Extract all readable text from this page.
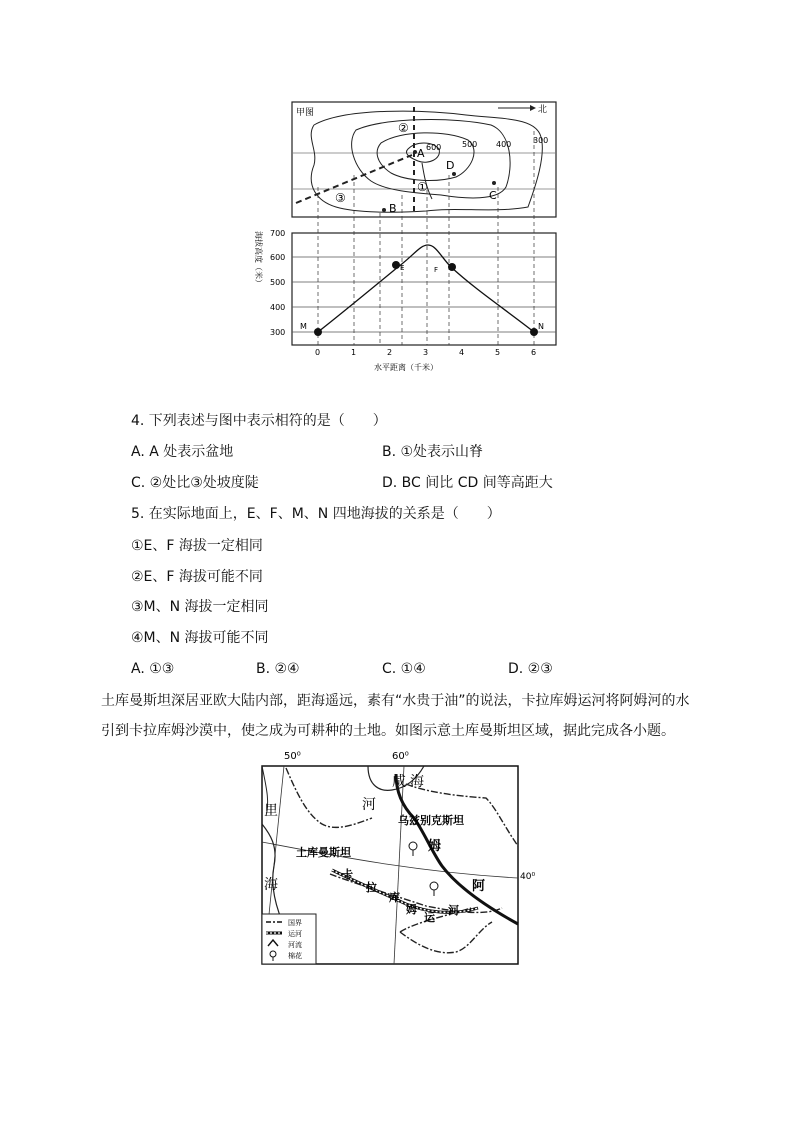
甲图	北
600	500 400	300
A
B
C
D
①
②
③
M	N
E	F
700
600
500
400
300
0	1	2	3	4	5	6
水平距离（千米）
海拔高度（米）
4. 下列表述与图中表示相符的是（　　）
A. A 处表示盆地	B. ①处表示山脊
C. ②处比③处坡度陡	D. BC 间比 CD 间等高距大
5. 在实际地面上，E、F、M、N 四地海拔的关系是（　　）
①E、F 海拔一定相同
②E、F 海拔可能不同
③M、N 海拔一定相同
④M、N 海拔可能不同
A. ①③	B. ②④	C. ①④	D. ②③
土库曼斯坦深居亚欧大陆内部，距海遥远，素有“水贵于油”的说法，卡拉库姆运河将阿姆河的水引到卡拉库姆沙漠中，使之成为可耕种的土地。如图示意土库曼斯坦区域，据此完成各小题。
50⁰	60⁰
40⁰
里
海
咸 海
河
乌兹别克斯坦
土库曼斯坦	姆
阿
卡
拉
库
姆
运
河
国界
运河
河流
棉花
